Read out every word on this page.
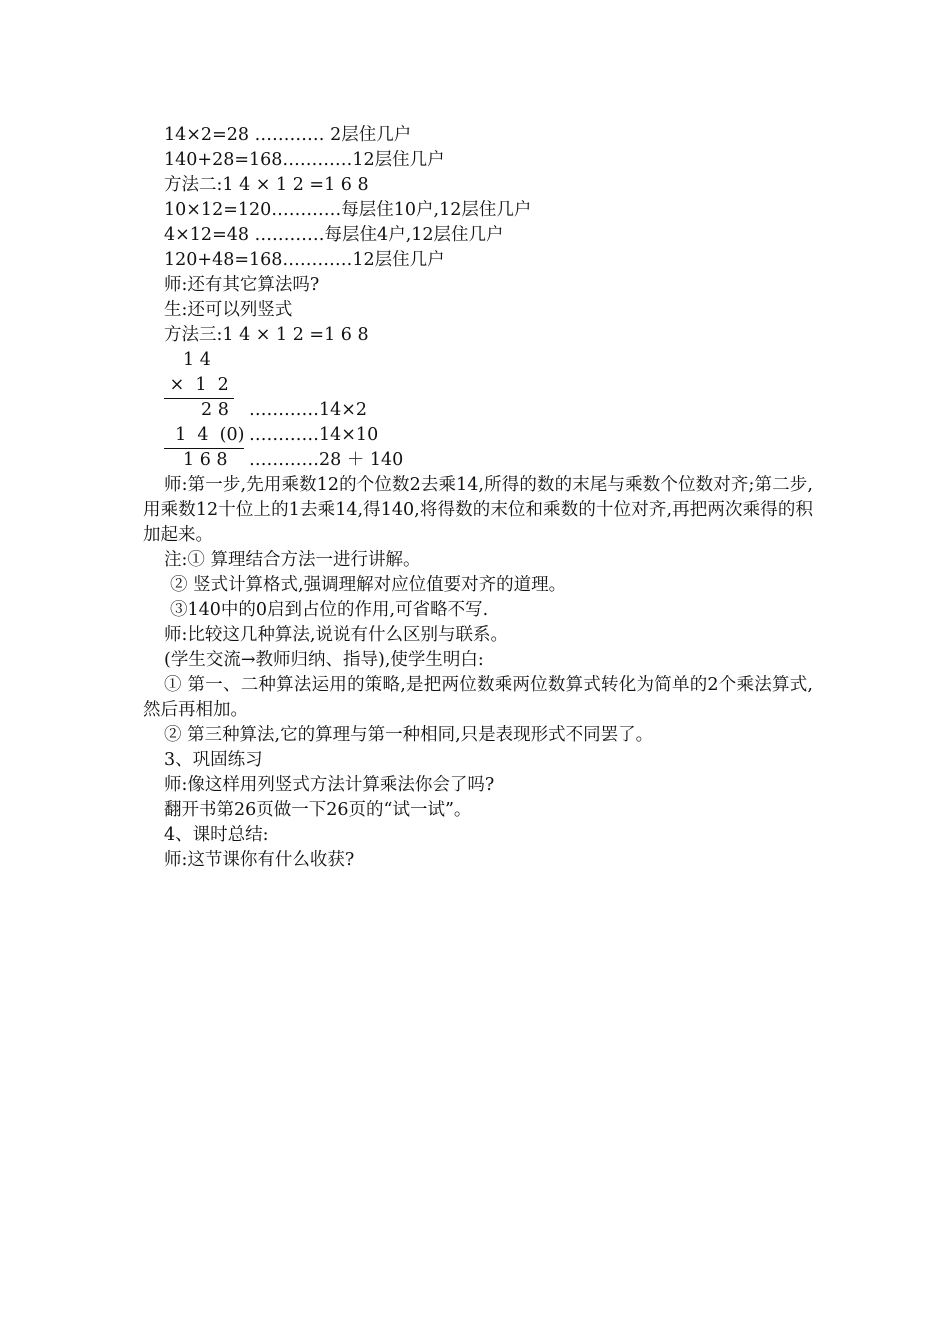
14×2=28 ………… 2层住几户
140+28=168…………12层住几户
方法二:1 4 × 1 2 =1 6 8
10×12=120…………每层住10户,12层住几户
4×12=48 …………每层住4户,12层住几户
120+48=168…………12层住几户
师:还有其它算法吗?
生:还可以列竖式
方法三:1 4 × 1 2 =1 6 8
1 4
×  1  2
2 8 …………14×2
1  4  (0) …………14×10
1 6 8 …………28 ＋ 140
师:第一步,先用乘数12的个位数2去乘14,所得的数的末尾与乘数个位数对齐;第二步,用乘数12十位上的1去乘14,得140,将得数的末位和乘数的十位对齐,再把两次乘得的积加起来。
注:① 算理结合方法一进行讲解。
② 竖式计算格式,强调理解对应位值要对齐的道理。
③140中的0启到占位的作用,可省略不写.
师:比较这几种算法,说说有什么区别与联系。
(学生交流→教师归纳、指导),使学生明白:
① 第一、二种算法运用的策略,是把两位数乘两位数算式转化为简单的2个乘法算式,然后再相加。
② 第三种算法,它的算理与第一种相同,只是表现形式不同罢了。
3、巩固练习
师:像这样用列竖式方法计算乘法你会了吗?
翻开书第26页做一下26页的“试一试”。
4、课时总结:
师:这节课你有什么收获?
